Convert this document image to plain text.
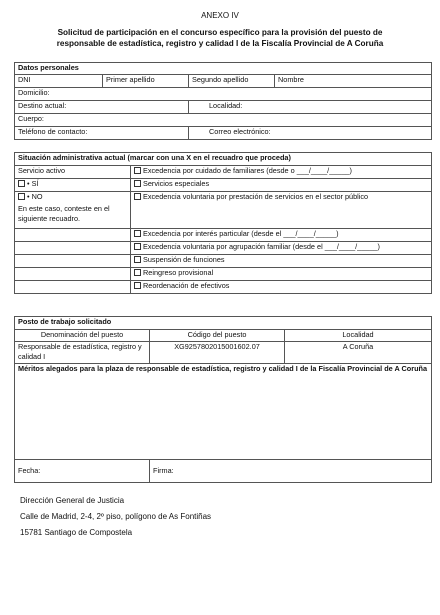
ANEXO IV
Solicitud de participación en el concurso específico para la provisión del puesto de
responsable de estadística, registro y calidad I de la Fiscalía Provincial de A Coruña
Datos personales			
DNI	Primer apellido	Segundo apellido	Nombre
Domicilio:			
Destino actual:		Localidad:	
Cuerpo:			
Teléfono de contacto:		Correo electrónico:	
Situación administrativa actual (marcar con una X en el recuadro que proceda)	
Servicio activo	Excedencia por cuidado de familiares (desde o ___/____/_____)
• SÍ	Servicios especiales

• NO
En este caso, conteste en el siguiente recuadro.	Excedencia voluntaria por prestación de servicios en el sector público
	Excedencia por interés particular (desde el ___/____/_____)
	Excedencia voluntaria por agrupación familiar (desde el ___/____/_____)
	Suspensión de funciones
	Reingreso provisional
	Reordenación de efectivos
Posto de trabajo solicitado		
Denominación del puesto	Código del puesto	Localidad
Responsable de estadística, registro y calidad I	XG9257802015001602.07	A Coruña
Méritos alegados para la plaza de responsable de estadística, registro y calidad I de la Fiscalía Provincial de A Coruña		
Fecha:	Firma:	
Dirección General de Justicia
Calle de Madrid, 2-4, 2º piso, polígono de As Fontiñas
15781 Santiago de Compostela
